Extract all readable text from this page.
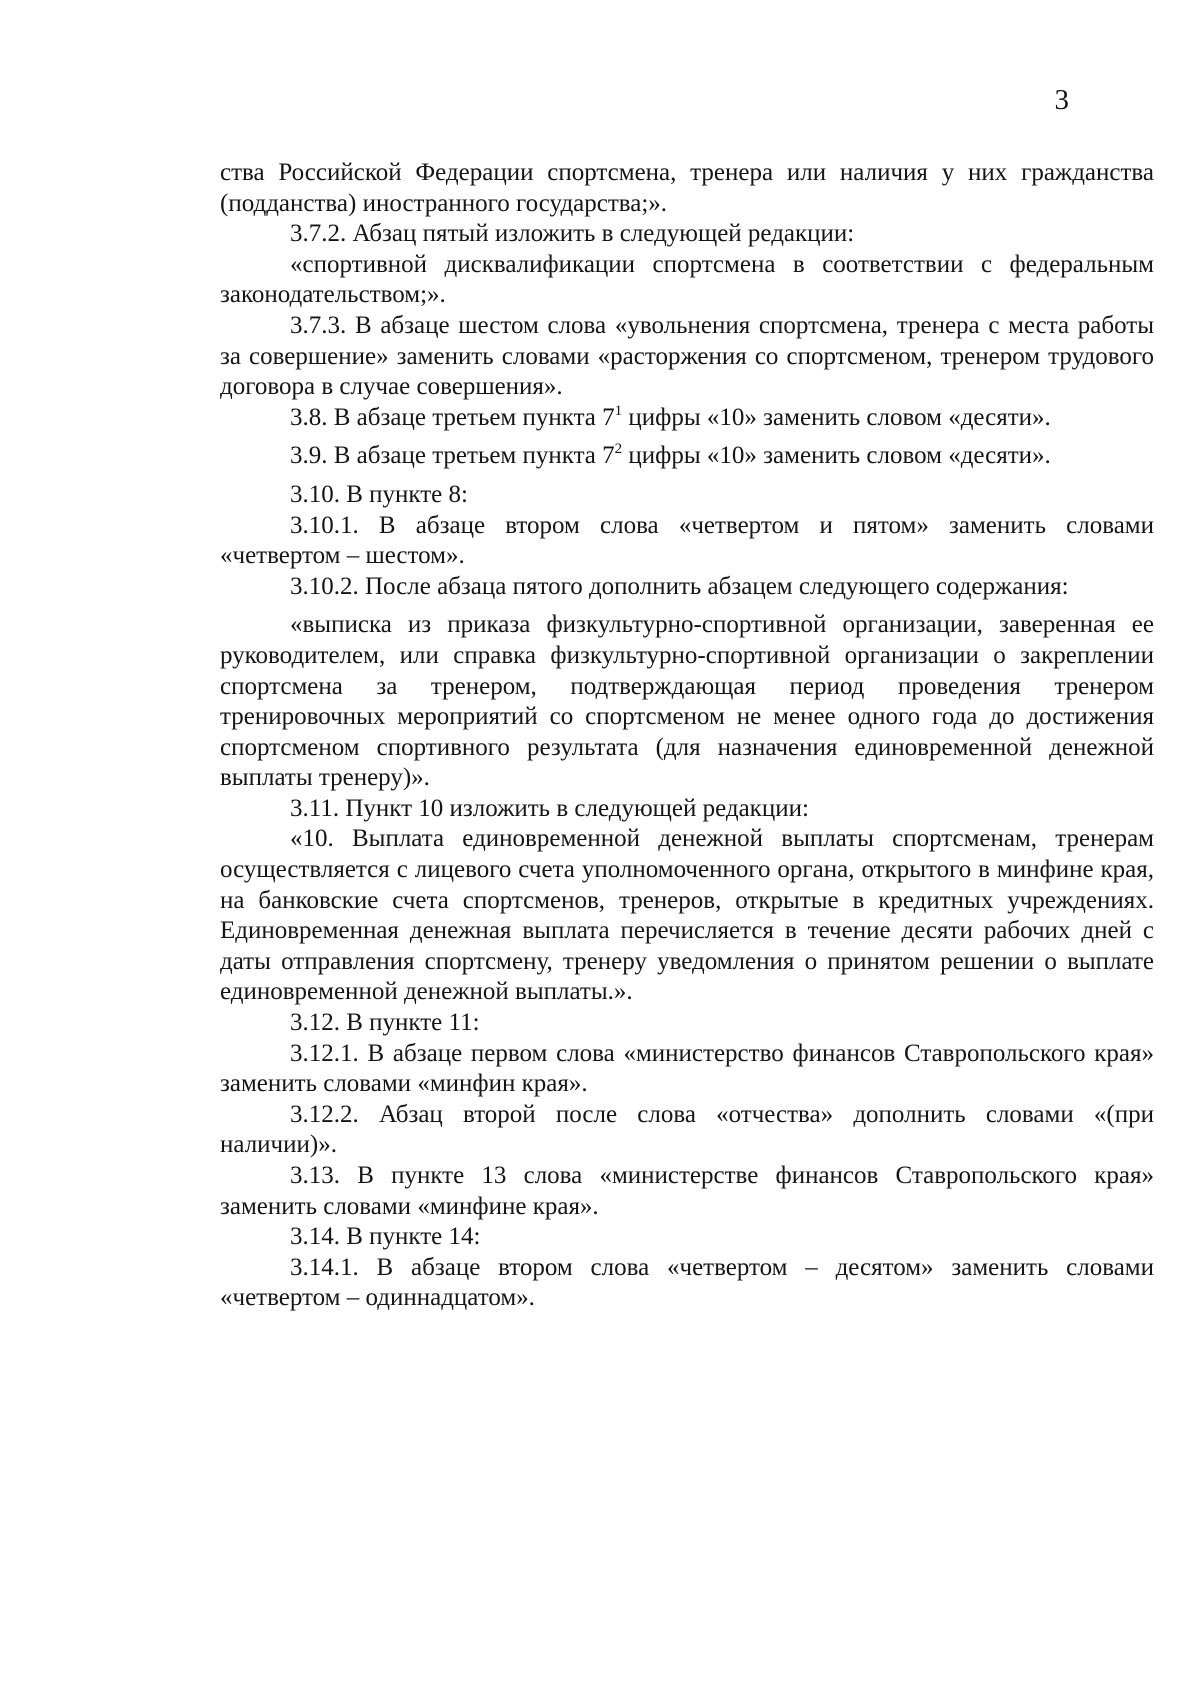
3

ства Российской Федерации спортсмена, тренера или наличия у них гражданства (подданства) иностранного государства;».

3.7.2. Абзац пятый изложить в следующей редакции:

«спортивной дисквалификации спортсмена в соответствии с федеральным законодательством;».

3.7.3. В абзаце шестом слова «увольнения спортсмена, тренера с места работы за совершение» заменить словами «расторжения со спортсменом, тренером трудового договора в случае совершения».

3.8. В абзаце третьем пункта $7^1$ цифры «10» заменить словом «десяти».

3.9. В абзаце третьем пункта $7^2$ цифры «10» заменить словом «десяти».

3.10. В пункте 8:

3.10.1. В абзаце втором слова «четвертом и пятом» заменить словами «четвертом – шестом».

3.10.2. После абзаца пятого дополнить абзацем следующего содержания:

«выписка из приказа физкультурно-спортивной организации, заверенная ее руководителем, или справка физкультурно-спортивной организации о закреплении спортсмена за тренером, подтверждающая период проведения тренером тренировочных мероприятий со спортсменом не менее одного года до достижения спортсменом спортивного результата (для назначения единовременной денежной выплаты тренеру)».

3.11. Пункт 10 изложить в следующей редакции:

«10. Выплата единовременной денежной выплаты спортсменам, тренерам осуществляется с лицевого счета уполномоченного органа, открытого в минфине края, на банковские счета спортсменов, тренеров, открытые в кредитных учреждениях. Единовременная денежная выплата перечисляется в течение десяти рабочих дней с даты отправления спортсмену, тренеру уведомления о принятом решении о выплате единовременной денежной выплаты.».

3.12. В пункте 11:

3.12.1. В абзаце первом слова «министерство финансов Ставропольского края» заменить словами «минфин края».

3.12.2. Абзац второй после слова «отчества» дополнить словами «(при наличии)».

3.13. В пункте 13 слова «министерстве финансов Ставропольского края» заменить словами «минфине края».

3.14. В пункте 14:

3.14.1. В абзаце втором слова «четвертом – десятом» заменить словами «четвертом – одиннадцатом».
